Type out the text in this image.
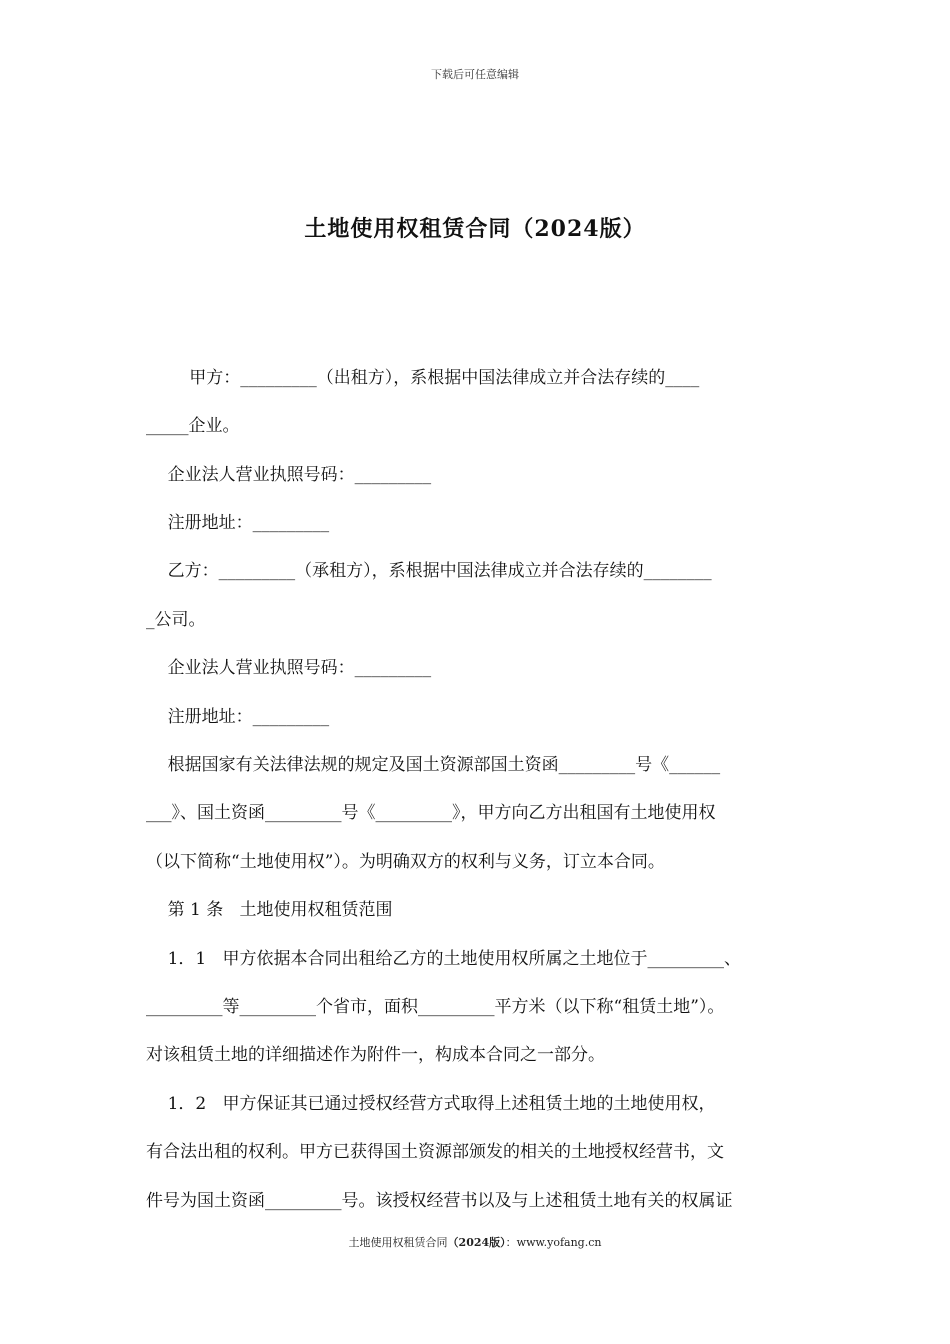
下载后可任意编辑
土地使用权租赁合同（2024版）
甲方：_________（出租方），系根据中国法律成立并合法存续的____
_____企业。
企业法人营业执照号码：_________
注册地址：_________
乙方：_________（承租方），系根据中国法律成立并合法存续的________
_公司。
企业法人营业执照号码：_________
注册地址：_________
根据国家有关法律法规的规定及国土资源部国土资函_________号《______
___》、国土资函_________号《_________》，甲方向乙方出租国有土地使用权
（以下简称“土地使用权”）。为明确双方的权利与义务，订立本合同。
第 1 条   土地使用权租赁范围
1．1   甲方依据本合同出租给乙方的土地使用权所属之土地位于_________、
_________等_________个省市，面积_________平方米（以下称“租赁土地”）。
对该租赁土地的详细描述作为附件一，构成本合同之一部分。
1．2   甲方保证其已通过授权经营方式取得上述租赁土地的土地使用权，
有合法出租的权利。甲方已获得国土资源部颁发的相关的土地授权经营书，文
件号为国土资函_________号。该授权经营书以及与上述租赁土地有关的权属证
土地使用权租赁合同（2024版）：www.yofang.cn
